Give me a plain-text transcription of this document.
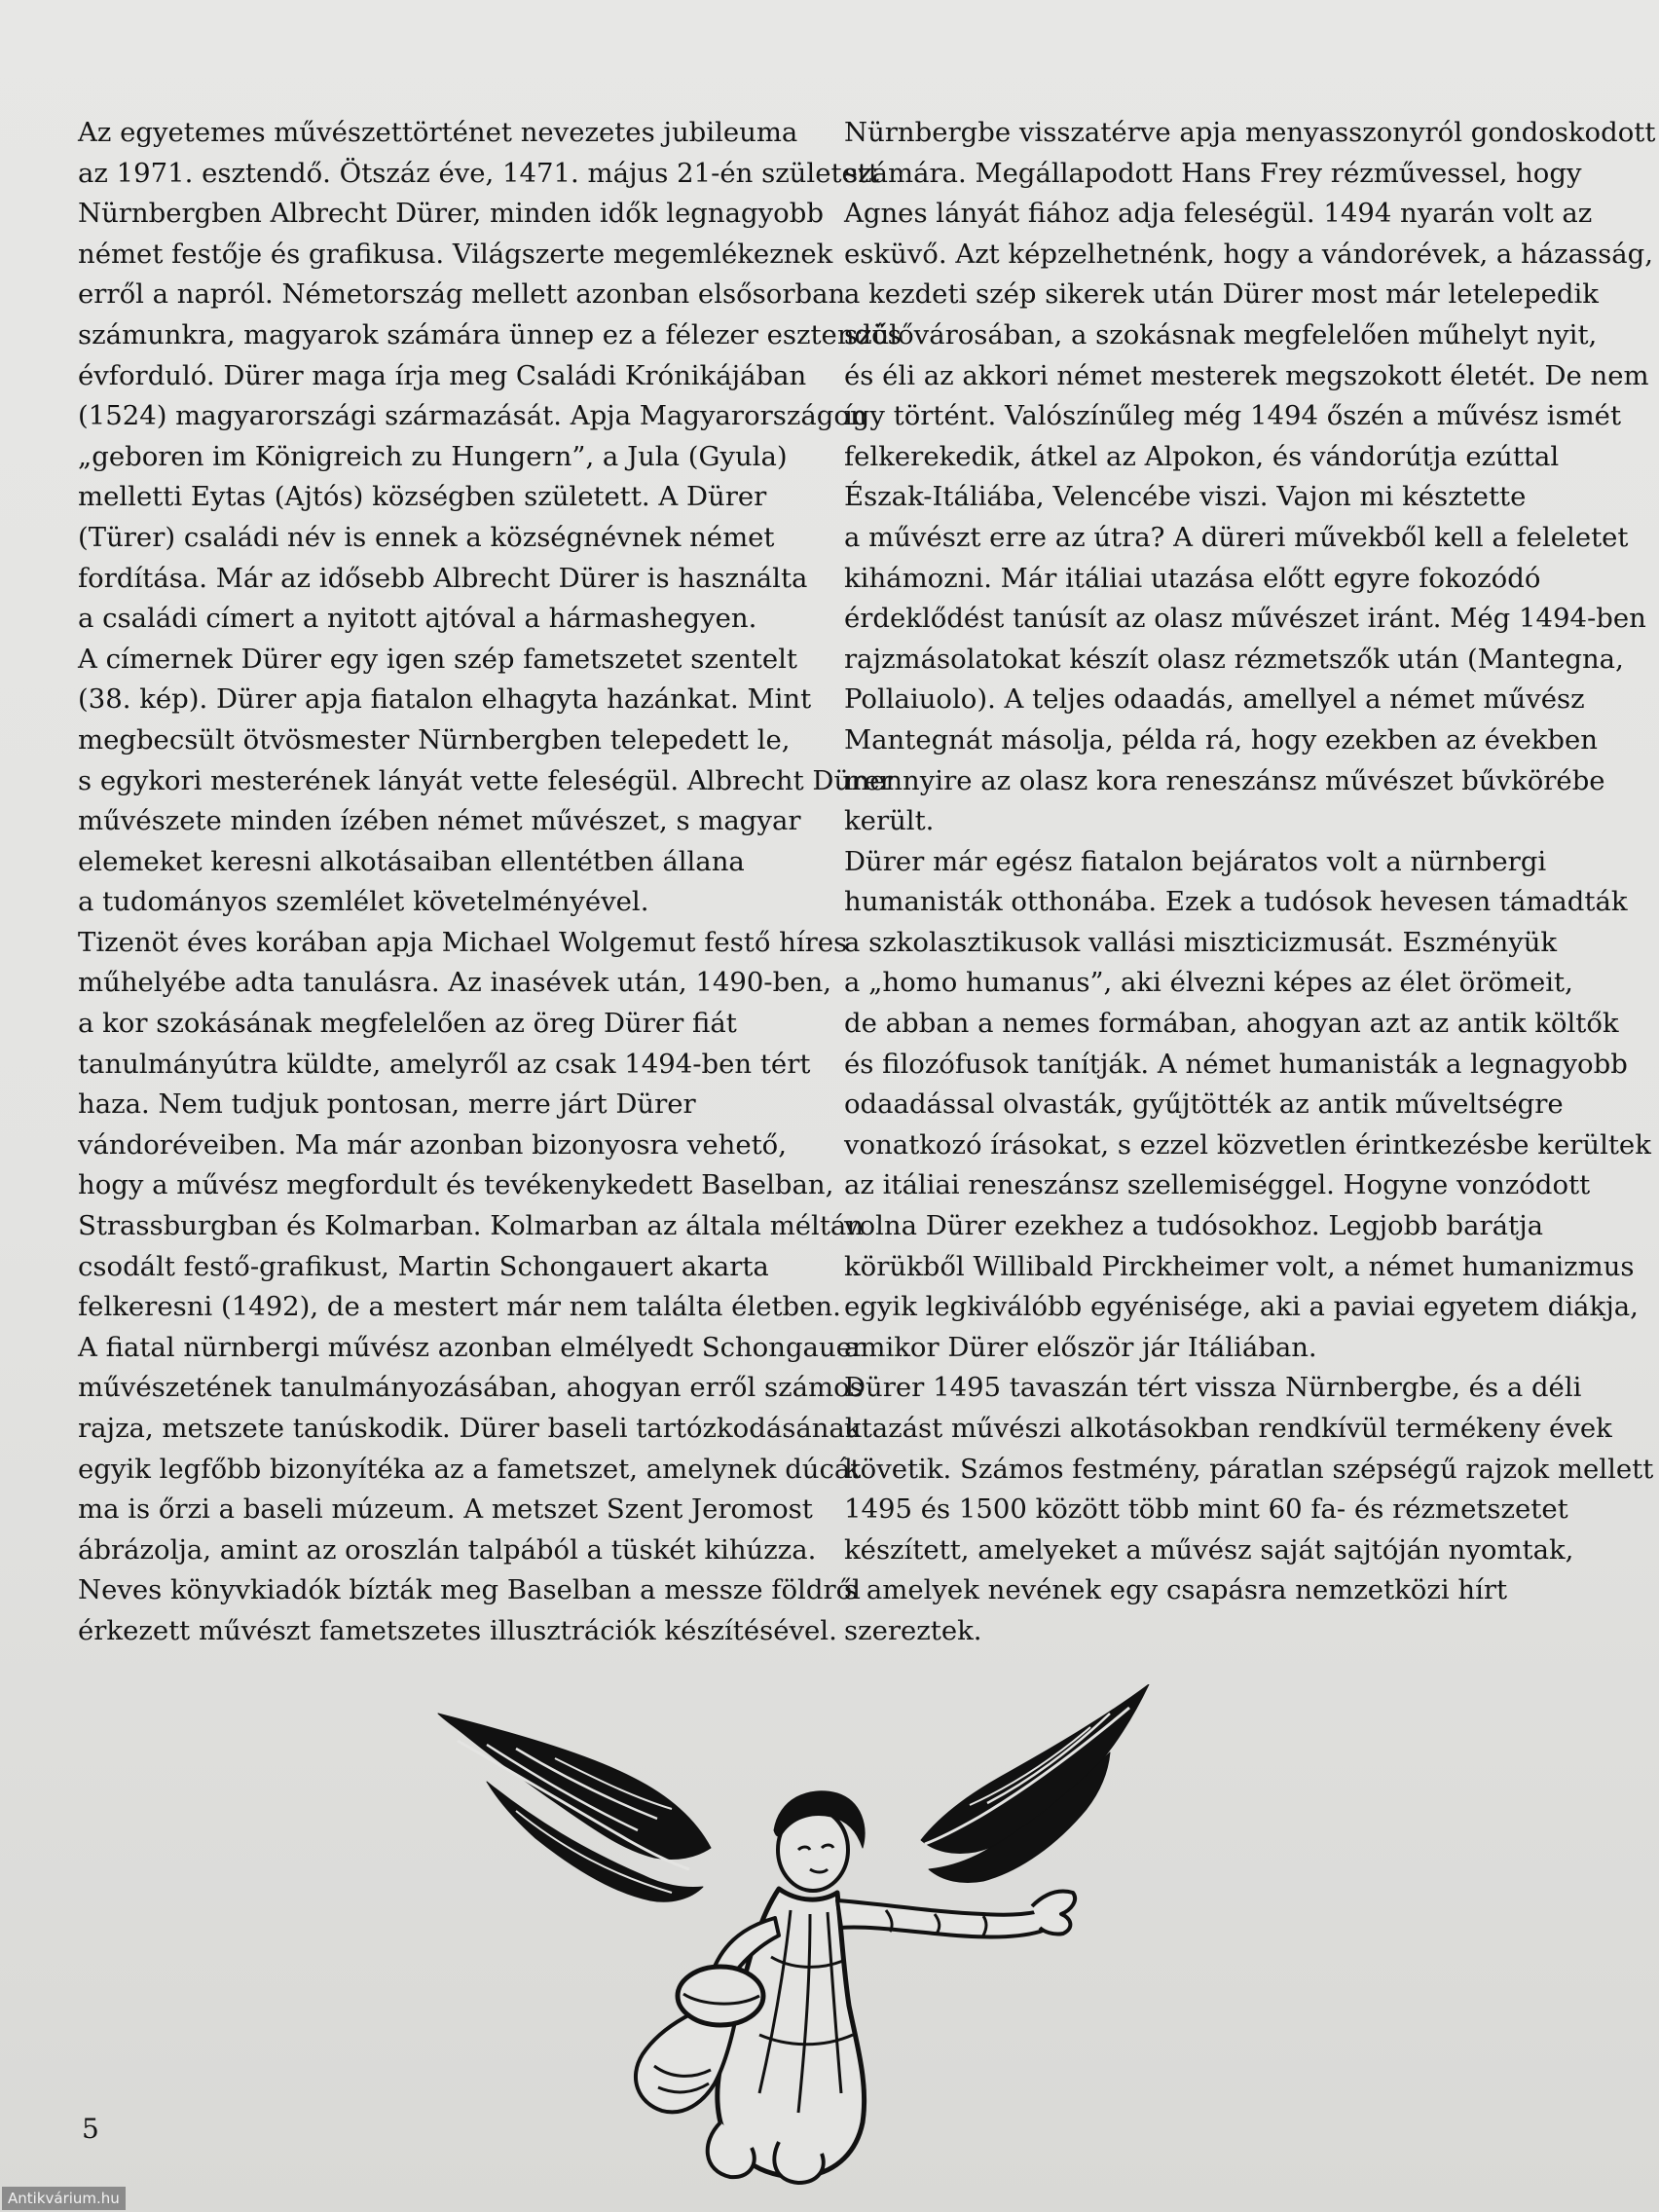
Az egyetemes művészettörténet nevezetes jubileuma
az 1971. esztendő. Ötszáz éve, 1471. május 21-én született
Nürnbergben Albrecht Dürer, minden idők legnagyobb
német festője és grafikusa. Világszerte megemlékeznek
erről a napról. Németország mellett azonban elsősorban
számunkra, magyarok számára ünnep ez a félezer esztendős
évforduló. Dürer maga írja meg Családi Krónikájában
(1524) magyarországi származását. Apja Magyarországon
„geboren im Königreich zu Hungern”, a Jula (Gyula)
melletti Eytas (Ajtós) községben született. A Dürer
(Türer) családi név is ennek a községnévnek német
fordítása. Már az idősebb Albrecht Dürer is használta
a családi címert a nyitott ajtóval a hármashegyen.
A címernek Dürer egy igen szép fametszetet szentelt
(38. kép). Dürer apja fiatalon elhagyta hazánkat. Mint
megbecsült ötvösmester Nürnbergben telepedett le,
s egykori mesterének lányát vette feleségül. Albrecht Dürer
művészete minden ízében német művészet, s magyar
elemeket keresni alkotásaiban ellentétben állana
a tudományos szemlélet követelményével.
Tizenöt éves korában apja Michael Wolgemut festő híres
műhelyébe adta tanulásra. Az inasévek után, 1490-ben,
a kor szokásának megfelelően az öreg Dürer fiát
tanulmányútra küldte, amelyről az csak 1494-ben tért
haza. Nem tudjuk pontosan, merre járt Dürer
vándoréveiben. Ma már azonban bizonyosra vehető,
hogy a művész megfordult és tevékenykedett Baselban,
Strassburgban és Kolmarban. Kolmarban az általa méltán
csodált festő-grafikust, Martin Schongauert akarta
felkeresni (1492), de a mestert már nem találta életben.
A fiatal nürnbergi művész azonban elmélyedt Schongauer
művészetének tanulmányozásában, ahogyan erről számos
rajza, metszete tanúskodik. Dürer baseli tartózkodásának
egyik legfőbb bizonyítéka az a fametszet, amelynek dúcát
ma is őrzi a baseli múzeum. A metszet Szent Jeromost
ábrázolja, amint az oroszlán talpából a tüskét kihúzza.
Neves könyvkiadók bízták meg Baselban a messze földről
érkezett művészt fametszetes illusztrációk készítésével.
Nürnbergbe visszatérve apja menyasszonyról gondoskodott
számára. Megállapodott Hans Frey rézművessel, hogy
Agnes lányát fiához adja feleségül. 1494 nyarán volt az
esküvő. Azt képzelhetnénk, hogy a vándorévek, a házasság,
a kezdeti szép sikerek után Dürer most már letelepedik
szülővárosában, a szokásnak megfelelően műhelyt nyit,
és éli az akkori német mesterek megszokott életét. De nem
így történt. Valószínűleg még 1494 őszén a művész ismét
felkerekedik, átkel az Alpokon, és vándorútja ezúttal
Észak-Itáliába, Velencébe viszi. Vajon mi késztette
a művészt erre az útra? A düreri művekből kell a feleletet
kihámozni. Már itáliai utazása előtt egyre fokozódó
érdeklődést tanúsít az olasz művészet iránt. Még 1494-ben
rajzmásolatokat készít olasz rézmetszők után (Mantegna,
Pollaiuolo). A teljes odaadás, amellyel a német művész
Mantegnát másolja, példa rá, hogy ezekben az években
mennyire az olasz kora reneszánsz művészet bűvkörébe
került.
Dürer már egész fiatalon bejáratos volt a nürnbergi
humanisták otthonába. Ezek a tudósok hevesen támadták
a szkolasztikusok vallási miszticizmusát. Eszményük
a „homo humanus”, aki élvezni képes az élet örömeit,
de abban a nemes formában, ahogyan azt az antik költők
és filozófusok tanítják. A német humanisták a legnagyobb
odaadással olvasták, gyűjtötték az antik műveltségre
vonatkozó írásokat, s ezzel közvetlen érintkezésbe kerültek
az itáliai reneszánsz szellemiséggel. Hogyne vonzódott
volna Dürer ezekhez a tudósokhoz. Legjobb barátja
körükből Willibald Pirckheimer volt, a német humanizmus
egyik legkiválóbb egyénisége, aki a paviai egyetem diákja,
amikor Dürer először jár Itáliában.
Dürer 1495 tavaszán tért vissza Nürnbergbe, és a déli
utazást művészi alkotásokban rendkívül termékeny évek
követik. Számos festmény, páratlan szépségű rajzok mellett
1495 és 1500 között több mint 60 fa- és rézmetszetet
készített, amelyeket a művész saját sajtóján nyomtak,
s amelyek nevének egy csapásra nemzetközi hírt
szereztek.
5
Antikvárium.hu
